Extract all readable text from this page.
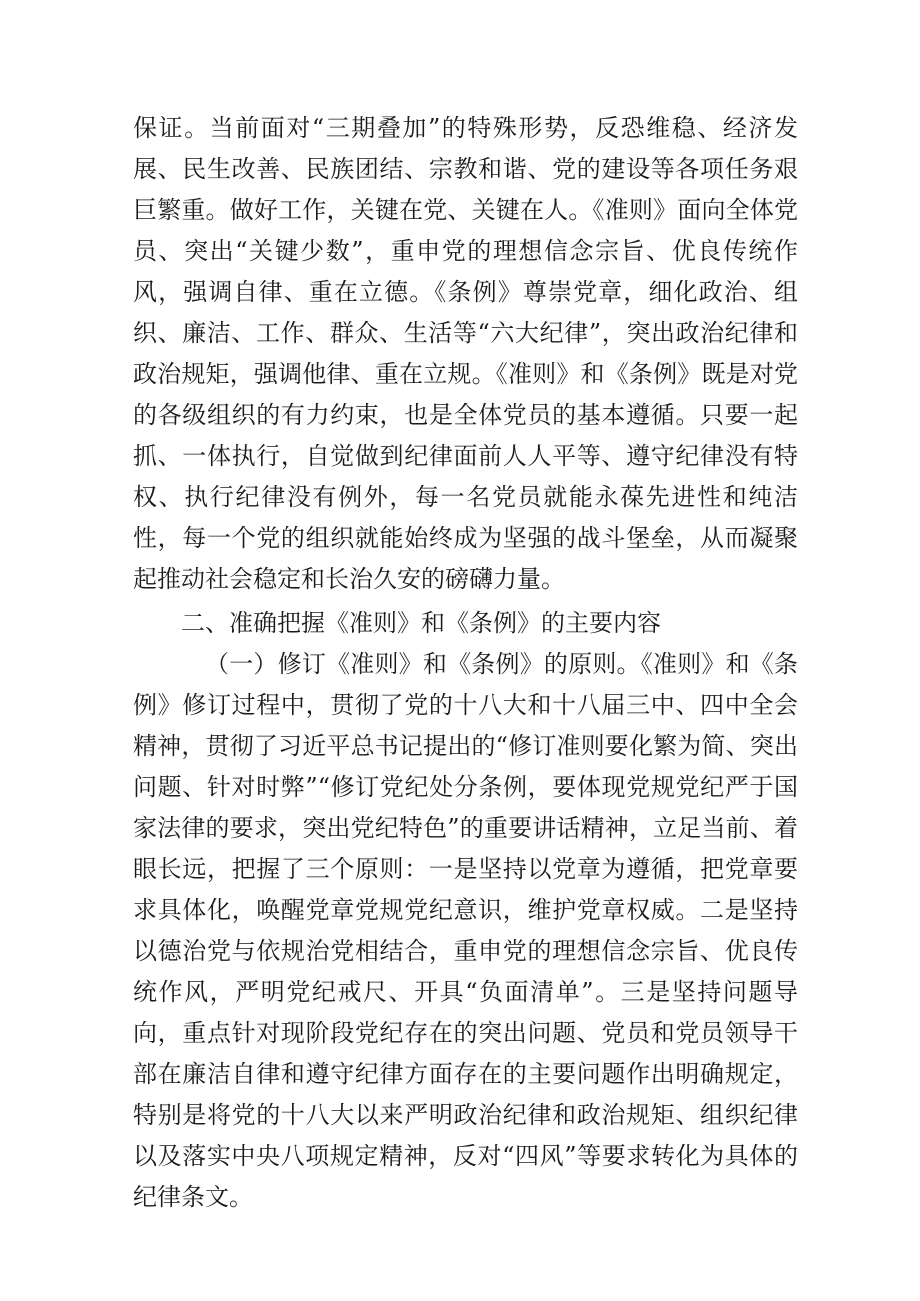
保证。当前面对“三期叠加”的特殊形势，反恐维稳、经济发展、民生改善、民族团结、宗教和谐、党的建设等各项任务艰巨繁重。做好工作，关键在党、关键在人。《准则》面向全体党员、突出“关键少数”，重申党的理想信念宗旨、优良传统作风，强调自律、重在立德。《条例》尊崇党章，细化政治、组织、廉洁、工作、群众、生活等“六大纪律”，突出政治纪律和政治规矩，强调他律、重在立规。《准则》和《条例》既是对党的各级组织的有力约束，也是全体党员的基本遵循。只要一起抓、一体执行，自觉做到纪律面前人人平等、遵守纪律没有特权、执行纪律没有例外，每一名党员就能永葆先进性和纯洁性，每一个党的组织就能始终成为坚强的战斗堡垒，从而凝聚起推动社会稳定和长治久安的磅礴力量。

二、准确把握《准则》和《条例》的主要内容

（一）修订《准则》和《条例》的原则。《准则》和《条例》修订过程中，贯彻了党的十八大和十八届三中、四中全会精神，贯彻了习近平总书记提出的“修订准则要化繁为简、突出问题、针对时弊”“修订党纪处分条例，要体现党规党纪严于国家法律的要求，突出党纪特色”的重要讲话精神，立足当前、着眼长远，把握了三个原则：一是坚持以党章为遵循，把党章要求具体化，唤醒党章党规党纪意识，维护党章权威。二是坚持以德治党与依规治党相结合，重申党的理想信念宗旨、优良传统作风，严明党纪戒尺、开具“负面清单”。三是坚持问题导向，重点针对现阶段党纪存在的突出问题、党员和党员领导干部在廉洁自律和遵守纪律方面存在的主要问题作出明确规定，特别是将党的十八大以来严明政治纪律和政治规矩、组织纪律以及落实中央八项规定精神，反对“四风”等要求转化为具体的纪律条文。
